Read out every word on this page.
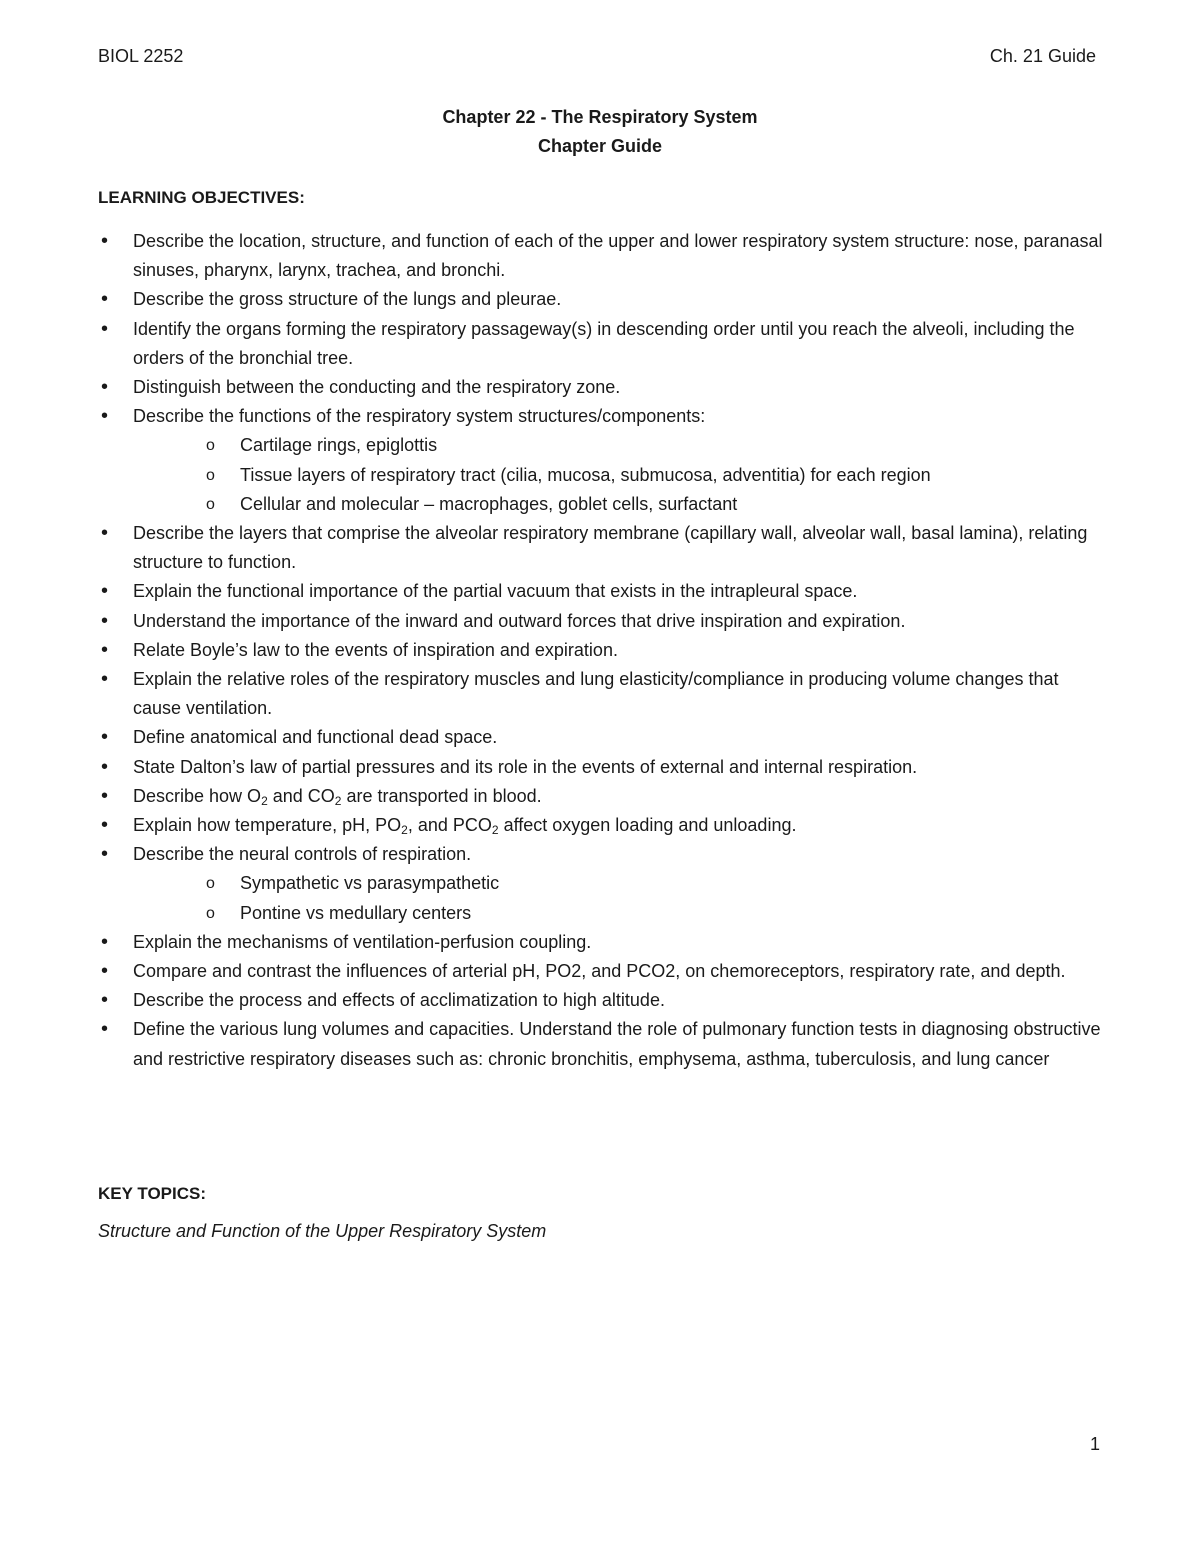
BIOL 2252	Ch. 21 Guide
Chapter 22 - The Respiratory System
Chapter Guide
LEARNING OBJECTIVES:
• Describe the location, structure, and function of each of the upper and lower respiratory system structure: nose, paranasal sinuses, pharynx, larynx, trachea, and bronchi.
• Describe the gross structure of the lungs and pleurae.
• Identify the organs forming the respiratory passageway(s) in descending order until you reach the alveoli, including the orders of the bronchial tree.
• Distinguish between the conducting and the respiratory zone.
• Describe the functions of the respiratory system structures/components:
o Cartilage rings, epiglottis
o Tissue layers of respiratory tract (cilia, mucosa, submucosa, adventitia) for each region
o Cellular and molecular – macrophages, goblet cells, surfactant
• Describe the layers that comprise the alveolar respiratory membrane (capillary wall, alveolar wall, basal lamina), relating structure to function.
• Explain the functional importance of the partial vacuum that exists in the intrapleural space.
• Understand the importance of the inward and outward forces that drive inspiration and expiration.
• Relate Boyle’s law to the events of inspiration and expiration.
• Explain the relative roles of the respiratory muscles and lung elasticity/compliance in producing volume changes that cause ventilation.
• Define anatomical and functional dead space.
• State Dalton’s law of partial pressures and its role in the events of external and internal respiration.
• Describe how $O_2$ and $CO_2$ are transported in blood.
• Explain how temperature, pH, $PO_2$, and $PCO_2$ affect oxygen loading and unloading.
• Describe the neural controls of respiration.
o Sympathetic vs parasympathetic
o Pontine vs medullary centers
• Explain the mechanisms of ventilation-perfusion coupling.
• Compare and contrast the influences of arterial pH, PO2, and PCO2, on chemoreceptors, respiratory rate, and depth.
• Describe the process and effects of acclimatization to high altitude.
• Define the various lung volumes and capacities. Understand the role of pulmonary function tests in diagnosing obstructive and restrictive respiratory diseases such as: chronic bronchitis, emphysema, asthma, tuberculosis, and lung cancer
KEY TOPICS:
Structure and Function of the Upper Respiratory System
1
